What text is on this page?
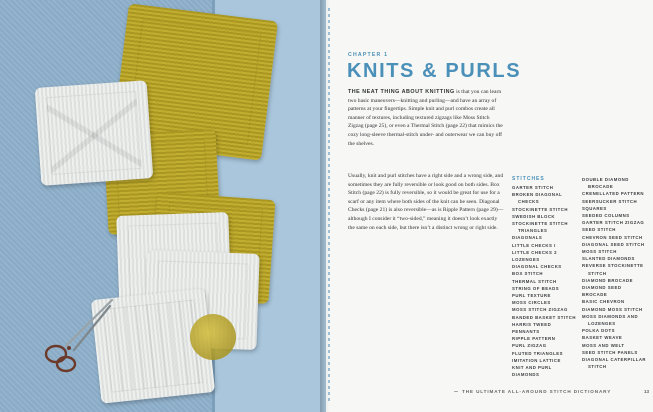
CHAPTER 1
KNITS & PURLS
THE NEAT THING ABOUT KNITTING is that you can learn two basic maneuvers—knitting and purling—and have an array of patterns at your fingertips. Simple knit and purl combos create all manner of textures, including textured zigzags like Moss Stitch Zigzag (page 25), or even a Thermal Stitch (page 22) that mimics the cozy long-sleeve thermal-stitch under- and outerwear we can buy off the shelves.
Usually, knit and purl stitches have a right side and a wrong side, and sometimes they are fully reversible or look good on both sides. Box Stitch (page 22) is fully reversible, so it would be great for use for a scarf or any item where both sides of the knit can be seen. Diagonal Checks (page 21) is also reversible—as is Ripple Pattern (page 29)—although I consider it “two-sided,” meaning it doesn’t look exactly the same on each side, but there isn’t a distinct wrong or right side.
STITCHES
GARTER STITCH
BROKEN DIAGONAL
CHECKS
STOCKINETTE STITCH
SWEDISH BLOCK
STOCKINETTE STITCH
TRIANGLES
DIAGONALS
LITTLE CHECKS I
LITTLE CHECKS 2
LOZENGES
DIAGONAL CHECKS
BOX STITCH
THERMAL STITCH
STRING OF BEADS
PURL TEXTURE
MOSS CIRCLES
MOSS STITCH ZIGZAG
BANDED BASKET STITCH
HARRIS TWEED
PENNANTS
RIPPLE PATTERN
PURL ZIGZAG
FLUTED TRIANGLES
IMITATION LATTICE
KNIT AND PURL DIAMONDS
DOUBLE DIAMOND
BROCADE
CRENELLATED PATTERN
SEERSUCKER STITCH
SQUARES
SEEDED COLUMNS
GARTER STITCH ZIGZAG
SEED STITCH
CHEVRON SEED STITCH
DIAGONAL SEED STITCH
MOSS STITCH
SLANTED DIAMONDS
REVERSE STOCKINETTE
STITCH
DIAMOND BROCADE
DIAMOND SEED BROCADE
BASIC CHEVRON
DIAMOND MOSS STITCH
MOSS DIAMONDS AND
LOZENGES
POLKA DOTS
BASKET WEAVE
MOSS AND WELT
SEED STITCH PANELS
DIAGONAL CATERPILLAR
STITCH
THE ULTIMATE ALL-AROUND STITCH DICTIONARY	13
